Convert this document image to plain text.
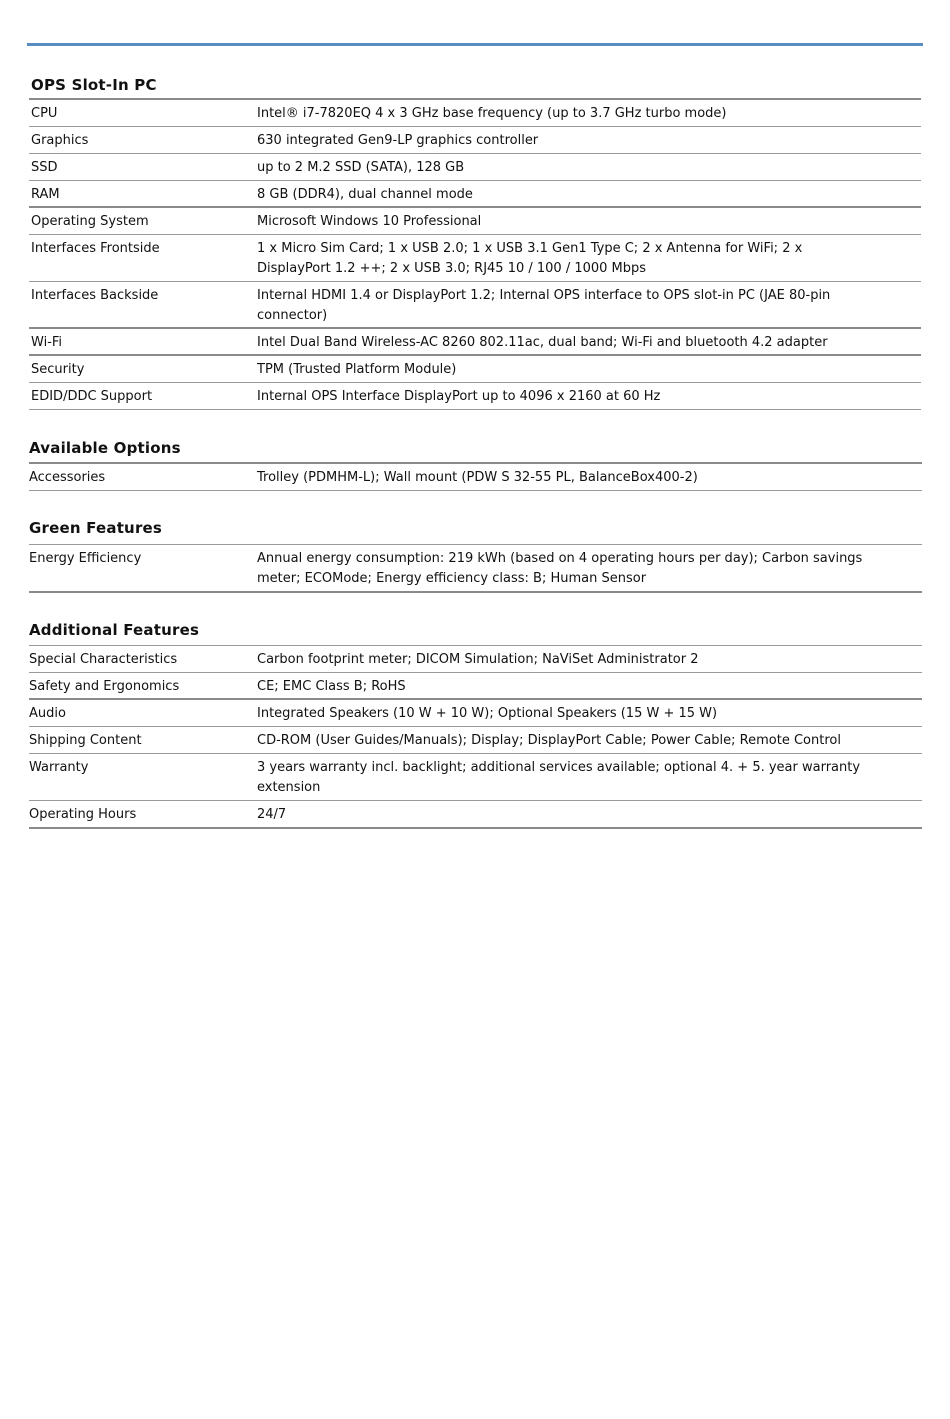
OPS Slot-In PC
CPU	Intel® i7-7820EQ 4 x 3 GHz base frequency (up to 3.7 GHz turbo mode)
Graphics	630 integrated Gen9-LP graphics controller
SSD	up to 2 M.2 SSD (SATA), 128 GB
RAM	8 GB (DDR4), dual channel mode
Operating System	Microsoft Windows 10 Professional
Interfaces Frontside	1 x Micro Sim Card; 1 x USB 2.0; 1 x USB 3.1 Gen1 Type C; 2 x Antenna for WiFi; 2 x DisplayPort 1.2 ++; 2 x USB 3.0; RJ45 10 / 100 / 1000 Mbps
Interfaces Backside	Internal HDMI 1.4 or DisplayPort 1.2; Internal OPS interface to OPS slot-in PC (JAE 80-pin connector)
Wi-Fi	Intel Dual Band Wireless-AC 8260 802.11ac, dual band; Wi-Fi and bluetooth 4.2 adapter
Security	TPM (Trusted Platform Module)
EDID/DDC Support	Internal OPS Interface DisplayPort up to 4096 x 2160 at 60 Hz
Available Options
Accessories	Trolley (PDMHM-L); Wall mount (PDW S 32-55 PL, BalanceBox400-2)
Green Features
Energy Efficiency	Annual energy consumption: 219 kWh (based on 4 operating hours per day); Carbon savings meter; ECOMode; Energy efficiency class: B; Human Sensor
Additional Features
Special Characteristics	Carbon footprint meter; DICOM Simulation; NaViSet Administrator 2
Safety and Ergonomics	CE; EMC Class B; RoHS
Audio	Integrated Speakers (10 W + 10 W); Optional Speakers (15 W + 15 W)
Shipping Content	CD-ROM (User Guides/Manuals); Display; DisplayPort Cable; Power Cable; Remote Control
Warranty	3 years warranty incl. backlight; additional services available; optional 4. + 5. year warranty extension
Operating Hours	24/7
